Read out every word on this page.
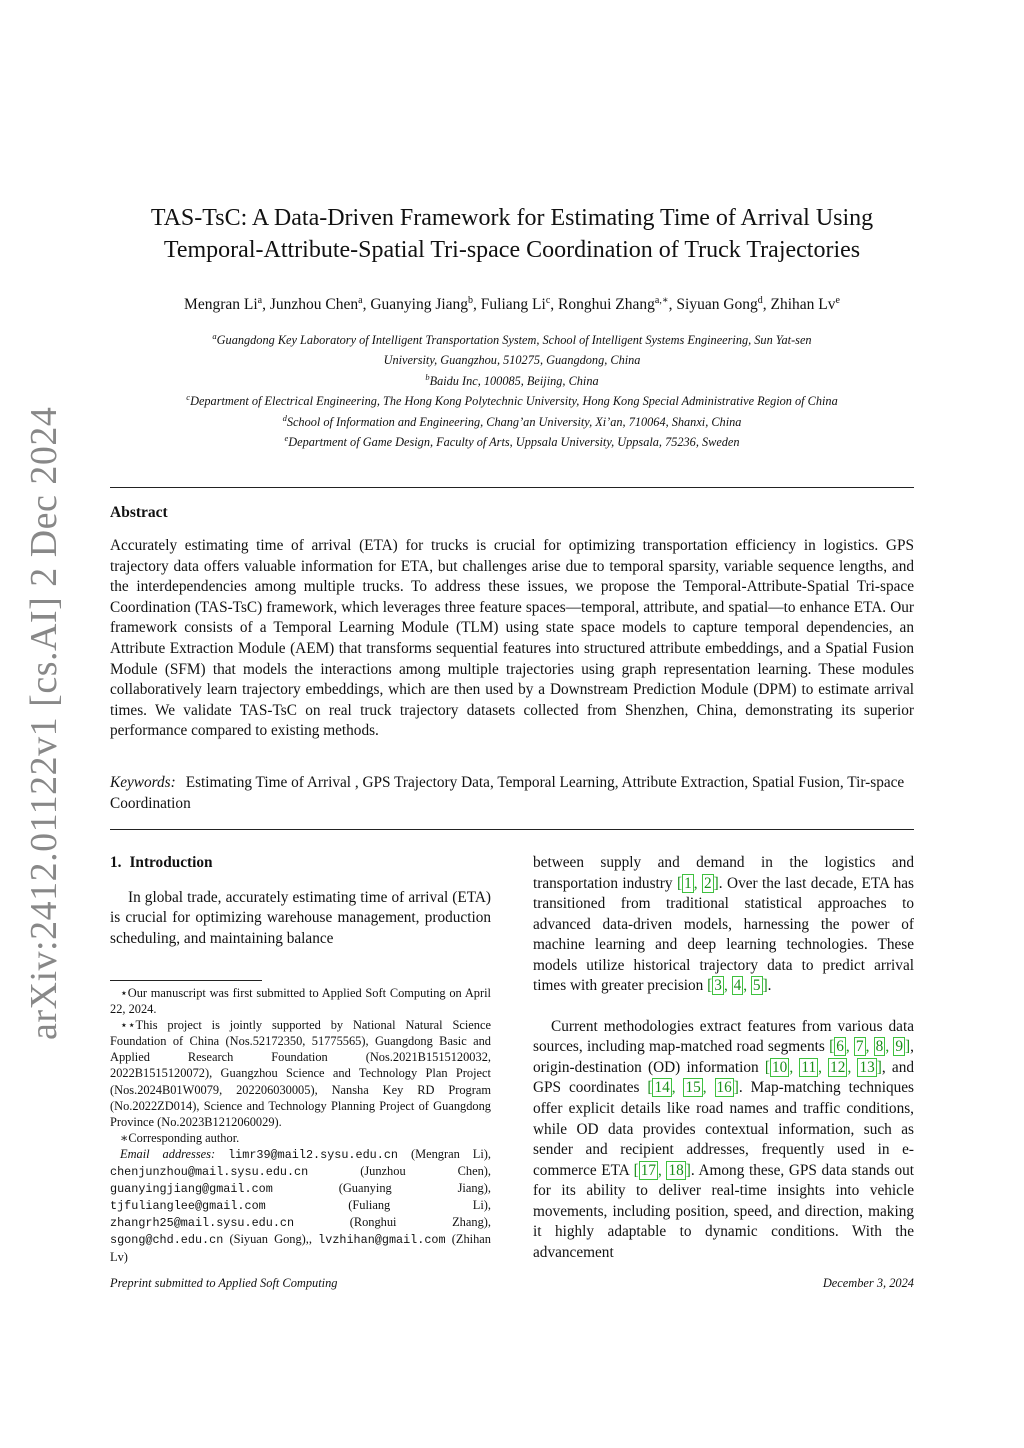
arXiv:2412.01122v1 [cs.AI] 2 Dec 2024
TAS-TsC: A Data-Driven Framework for Estimating Time of Arrival Using
Temporal-Attribute-Spatial Tri-space Coordination of Truck Trajectories
Mengran Li$^a$, Junzhou Chen$^a$, Guanying Jiang$^b$, Fuliang Li$^c$, Ronghui Zhang$^{a,∗}$, Siyuan Gong$^d$, Zhihan Lv$^e$
$^a$Guangdong Key Laboratory of Intelligent Transportation System, School of Intelligent Systems Engineering, Sun Yat-sen
University, Guangzhou, 510275, Guangdong, China
$^b$Baidu Inc, 100085, Beijing, China
$^c$Department of Electrical Engineering, The Hong Kong Polytechnic University, Hong Kong Special Administrative Region of China
$^d$School of Information and Engineering, Chang’an University, Xi’an, 710064, Shanxi, China
$^e$Department of Game Design, Faculty of Arts, Uppsala University, Uppsala, 75236, Sweden
Abstract
Accurately estimating time of arrival (ETA) for trucks is crucial for optimizing transportation efficiency in logistics. GPS trajectory data offers valuable information for ETA, but challenges arise due to temporal sparsity, variable sequence lengths, and the interdependencies among multiple trucks. To address these issues, we propose the Temporal-Attribute-Spatial Tri-space Coordination (TAS-TsC) framework, which leverages three feature spaces—temporal, attribute, and spatial—to enhance ETA. Our framework consists of a Temporal Learning Module (TLM) using state space models to capture temporal dependencies, an Attribute Extraction Module (AEM) that transforms sequential features into structured attribute embeddings, and a Spatial Fusion Module (SFM) that models the interactions among multiple trajectories using graph representation learning. These modules collaboratively learn trajectory embeddings, which are then used by a Downstream Prediction Module (DPM) to estimate arrival times. We validate TAS-TsC on real truck trajectory datasets collected from Shenzhen, China, demonstrating its superior performance compared to existing methods.
Keywords: Estimating Time of Arrival , GPS Trajectory Data, Temporal Learning, Attribute Extraction, Spatial Fusion, Tir-space Coordination

1. Introduction

In global trade, accurately estimating time of arrival (ETA) is crucial for optimizing warehouse management, production scheduling, and maintaining balance

⋆Our manuscript was first submitted to Applied Soft Computing on April 22, 2024.

⋆⋆This project is jointly supported by National Natural Science Foundation of China (Nos.52172350, 51775565), Guangdong Basic and Applied Research Foundation (Nos.2021B1515120032, 2022B1515120072), Guangzhou Science and Technology Plan Project (Nos.2024B01W0079, 202206030005), Nansha Key RD Program (No.2022ZD014), Science and Technology Planning Project of Guangdong Province (No.2023B1212060029).

∗Corresponding author.

Email addresses: limr39@mail2.sysu.edu.cn (Mengran Li), chenjunzhou@mail.sysu.edu.cn	(Junzhou Chen), guanyingjiang@gmail.com	(Guanying Jiang), tjfulianglee@gmail.com	(Fuliang Li), zhangrh25@mail.sysu.edu.cn	(Ronghui Zhang), sgong@chd.edu.cn (Siyuan Gong),, lvzhihan@gmail.com (Zhihan Lv)

between supply and demand in the logistics and transportation industry [ 1 , 2 ]. Over the last decade, ETA has transitioned from traditional statistical approaches to advanced data-driven models, harnessing the power of machine learning and deep learning technologies. These models utilize historical trajectory data to predict arrival times with greater precision [ 3 , 4 , 5 ].

Current methodologies extract features from various data sources, including map-matched road segments [ 6 , 7 , 8 , 9 ], origin-destination (OD) information [ 10 , 11 , 12 , 13 ], and GPS coordinates [ 14 , 15 , 16 ]. Map-matching techniques offer explicit details like road names and traffic conditions, while OD data provides contextual information, such as sender and recipient addresses, frequently used in e-commerce ETA [ 17 , 18 ]. Among these, GPS data stands out for its ability to deliver real-time insights into vehicle movements, including position, speed, and direction, making it highly adaptable to dynamic conditions. With the advancement

Preprint submitted to Applied Soft Computing	December 3, 2024
